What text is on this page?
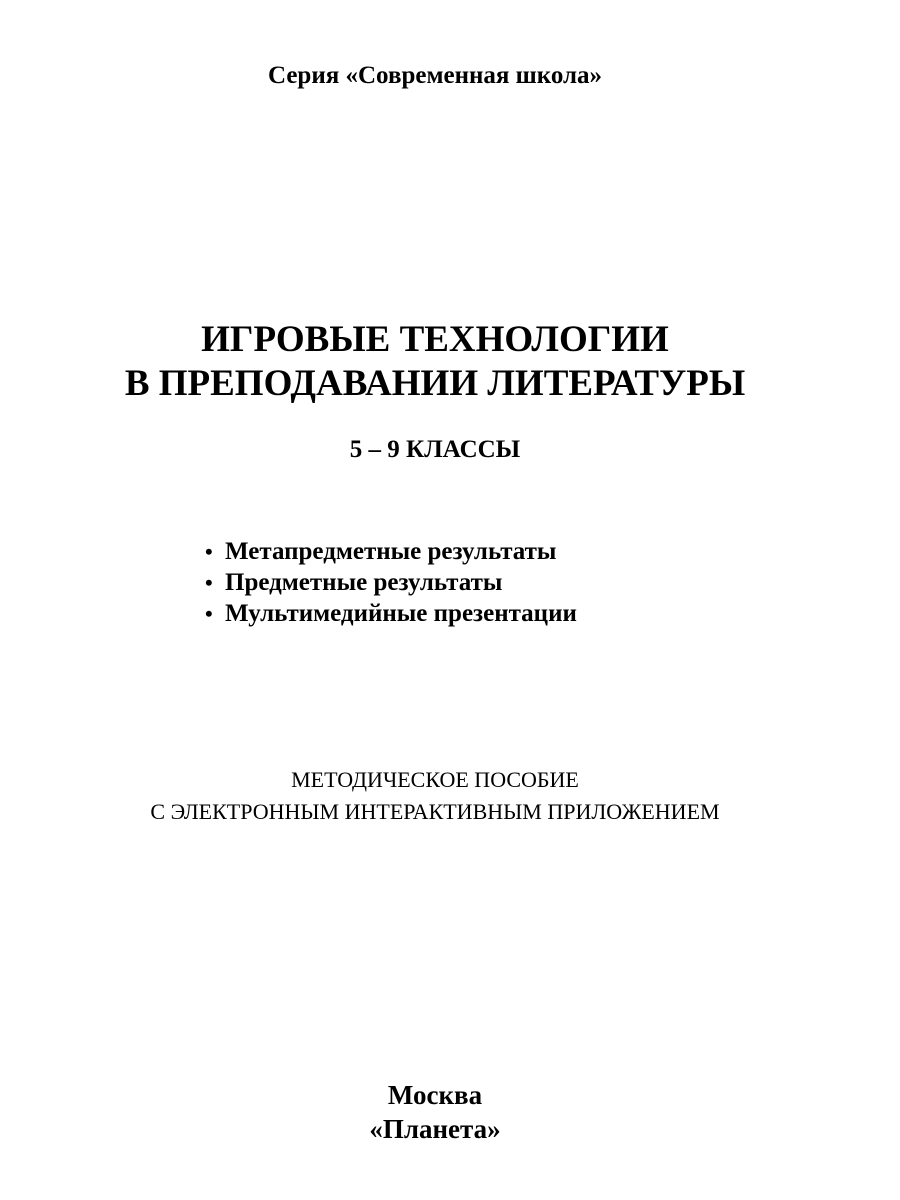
Серия «Современная школа»
ИГРОВЫЕ ТЕХНОЛОГИИ
В ПРЕПОДАВАНИИ ЛИТЕРАТУРЫ
5 – 9 КЛАССЫ
• Метапредметные результаты
• Предметные результаты
• Мультимедийные презентации
МЕТОДИЧЕСКОЕ ПОСОБИЕ
С ЭЛЕКТРОННЫМ ИНТЕРАКТИВНЫМ ПРИЛОЖЕНИЕМ
Москва
«Планета»
